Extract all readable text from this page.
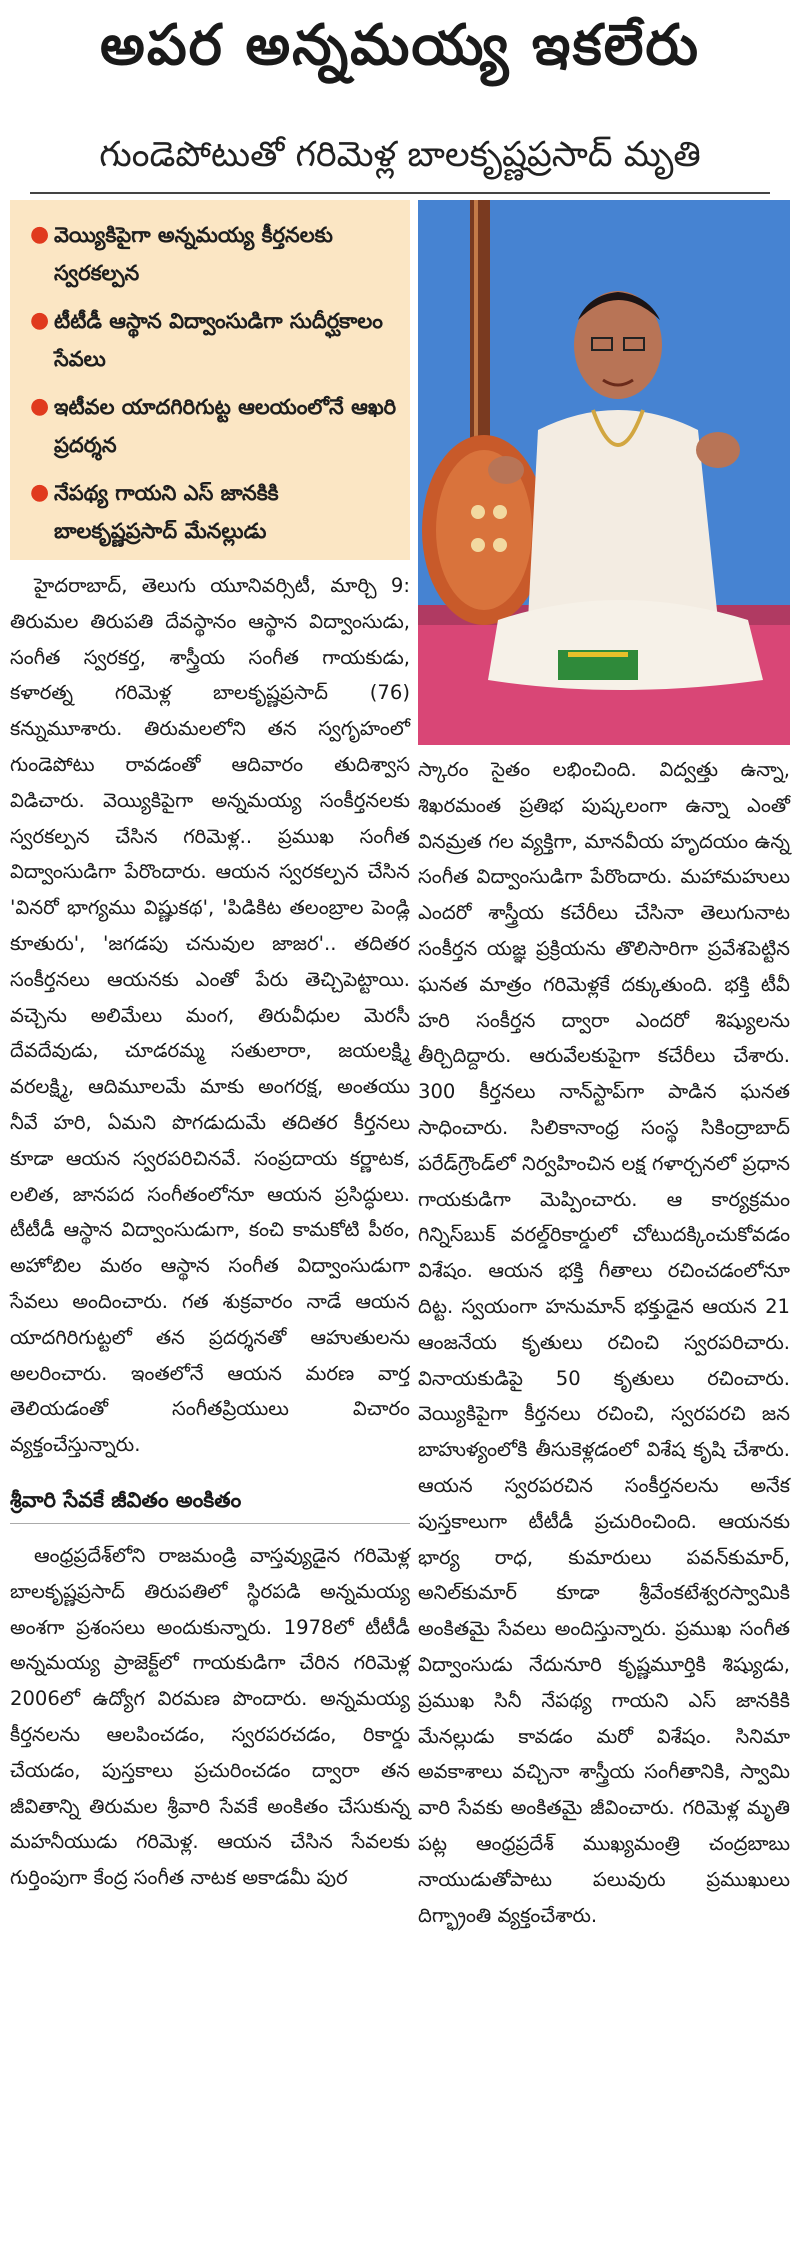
అపర అన్నమయ్య ఇకలేరు
గుండెపోటుతో గరిమెళ్ల బాలకృష్ణప్రసాద్ మృతి
● వెయ్యికిపైగా అన్నమయ్య కీర్తనలకు స్వరకల్పన
● టీటీడీ ఆస్థాన విద్వాంసుడిగా సుదీర్ఘకాలం సేవలు
● ఇటీవల యాదగిరిగుట్ట ఆలయంలోనే ఆఖరి ప్రదర్శన
● నేపథ్య గాయని ఎస్ జానకికి బాలకృష్ణప్రసాద్ మేనల్లుడు

హైదరాబాద్, తెలుగు యూనివర్సిటీ, మార్చి 9: తిరుమల తిరుపతి దేవస్థానం ఆస్థాన విద్వాంసుడు, సంగీత స్వరకర్త, శాస్త్రీయ సంగీత గాయకుడు, కళారత్న గరిమెళ్ల బాలకృష్ణప్రసాద్ (76) కన్నుమూశారు. తిరుమలలోని తన స్వగృహంలో గుండెపోటు రావడంతో ఆదివారం తుదిశ్వాస విడిచారు. వెయ్యికిపైగా అన్నమయ్య సంకీర్తనలకు స్వరకల్పన చేసిన గరిమెళ్ల.. ప్రముఖ సంగీత విద్వాంసుడిగా పేరొందారు. ఆయన స్వరకల్పన చేసిన 'వినరో భాగ్యము విష్ణుకథ', 'పిడికిట తలంబ్రాల పెండ్లి కూతురు', 'జగడపు చనువుల జాజర'.. తదితర సంకీర్తనలు ఆయనకు ఎంతో పేరు తెచ్చిపెట్టాయి. వచ్చెను అలిమేలు మంగ, తిరువీధుల మెరసీ దేవదేవుడు, చూడరమ్మ సతులారా, జయలక్ష్మి వరలక్ష్మి, ఆదిమూలమే మాకు అంగరక్ష, అంతయు నీవే హరి, ఏమని పొగడుదుమే తదితర కీర్తనలు కూడా ఆయన స్వరపరిచినవే. సంప్రదాయ కర్ణాటక, లలిత, జానపద సంగీతంలోనూ ఆయన ప్రసిద్ధులు. టీటీడీ ఆస్థాన విద్వాంసుడుగా, కంచి కామకోటి పీఠం, అహోబిల మఠం ఆస్థాన సంగీత విద్వాంసుడుగా సేవలు అందించారు. గత శుక్రవారం నాడే ఆయన యాదగిరిగుట్టలో తన ప్రదర్శనతో ఆహుతులను అలరించారు. ఇంతలోనే ఆయన మరణ వార్త తెలియడంతో సంగీతప్రియులు విచారం వ్యక్తంచేస్తున్నారు.

శ్రీవారి సేవకే జీవితం అంకితం

ఆంధ్రప్రదేశ్‌లోని రాజమండ్రి వాస్తవ్యుడైన గరిమెళ్ల బాలకృష్ణప్రసాద్ తిరుపతిలో స్థిరపడి అన్నమయ్య అంశగా ప్రశంసలు అందుకున్నారు. 1978లో టీటీడీ అన్నమయ్య ప్రాజెక్ట్‌లో గాయకుడిగా చేరిన గరిమెళ్ల 2006లో ఉద్యోగ విరమణ పొందారు. అన్నమయ్య కీర్తనలను ఆలపించడం, స్వరపరచడం, రికార్డు చేయడం, పుస్తకాలు ప్రచురించడం ద్వారా తన జీవితాన్ని తిరుమల శ్రీవారి సేవకే అంకితం చేసుకున్న మహనీయుడు గరిమెళ్ల. ఆయన చేసిన సేవలకు గుర్తింపుగా కేంద్ర సంగీత నాటక అకాడమీ పుర

స్కారం సైతం లభించింది. విద్వత్తు ఉన్నా, శిఖరమంత ప్రతిభ పుష్కలంగా ఉన్నా ఎంతో వినమ్రత గల వ్యక్తిగా, మానవీయ హృదయం ఉన్న సంగీత విద్వాంసుడిగా పేరొందారు. మహామహులు ఎందరో శాస్త్రీయ కచేరీలు చేసినా తెలుగునాట సంకీర్తన యజ్ఞ ప్రక్రియను తొలిసారిగా ప్రవేశపెట్టిన ఘనత మాత్రం గరిమెళ్లకే దక్కుతుంది. భక్తి టీవీ హరి సంకీర్తన ద్వారా ఎందరో శిష్యులను తీర్చిదిద్దారు. ఆరువేలకుపైగా కచేరీలు చేశారు. 300 కీర్తనలు నాన్‌స్టాప్‌గా పాడిన ఘనత సాధించారు. సిలికానాంధ్ర సంస్థ సికింద్రాబాద్ పరేడ్‌గ్రౌండ్‌లో నిర్వహించిన లక్ష గళార్చనలో ప్రధాన గాయకుడిగా మెప్పించారు. ఆ కార్యక్రమం గిన్నిస్‌బుక్ వరల్డ్‌రికార్డులో చోటుదక్కించుకోవడం విశేషం. ఆయన భక్తి గీతాలు రచించడంలోనూ దిట్ట. స్వయంగా హనుమాన్ భక్తుడైన ఆయన 21 ఆంజనేయ కృతులు రచించి స్వరపరిచారు. వినాయకుడిపై 50 కృతులు రచించారు. వెయ్యికిపైగా కీర్తనలు రచించి, స్వరపరచి జన బాహుళ్యంలోకి తీసుకెళ్లడంలో విశేష కృషి చేశారు. ఆయన స్వరపరచిన సంకీర్తనలను అనేక పుస్తకాలుగా టీటీడీ ప్రచురించింది. ఆయనకు భార్య రాధ, కుమారులు పవన్‌కుమార్, అనిల్‌కుమార్ కూడా శ్రీవేంకటేశ్వరస్వామికి అంకితమై సేవలు అందిస్తున్నారు. ప్రముఖ సంగీత విద్వాంసుడు నేదునూరి కృష్ణమూర్తికి శిష్యుడు, ప్రముఖ సినీ నేపథ్య గాయని ఎస్ జానకికి మేనల్లుడు కావడం మరో విశేషం. సినిమా అవకాశాలు వచ్చినా శాస్త్రీయ సంగీతానికి, స్వామి వారి సేవకు అంకితమై జీవించారు. గరిమెళ్ల మృతి పట్ల ఆంధ్రప్రదేశ్ ముఖ్యమంత్రి చంద్రబాబు నాయుడుతోపాటు పలువురు ప్రముఖులు దిగ్భ్రాంతి వ్యక్తంచేశారు.
